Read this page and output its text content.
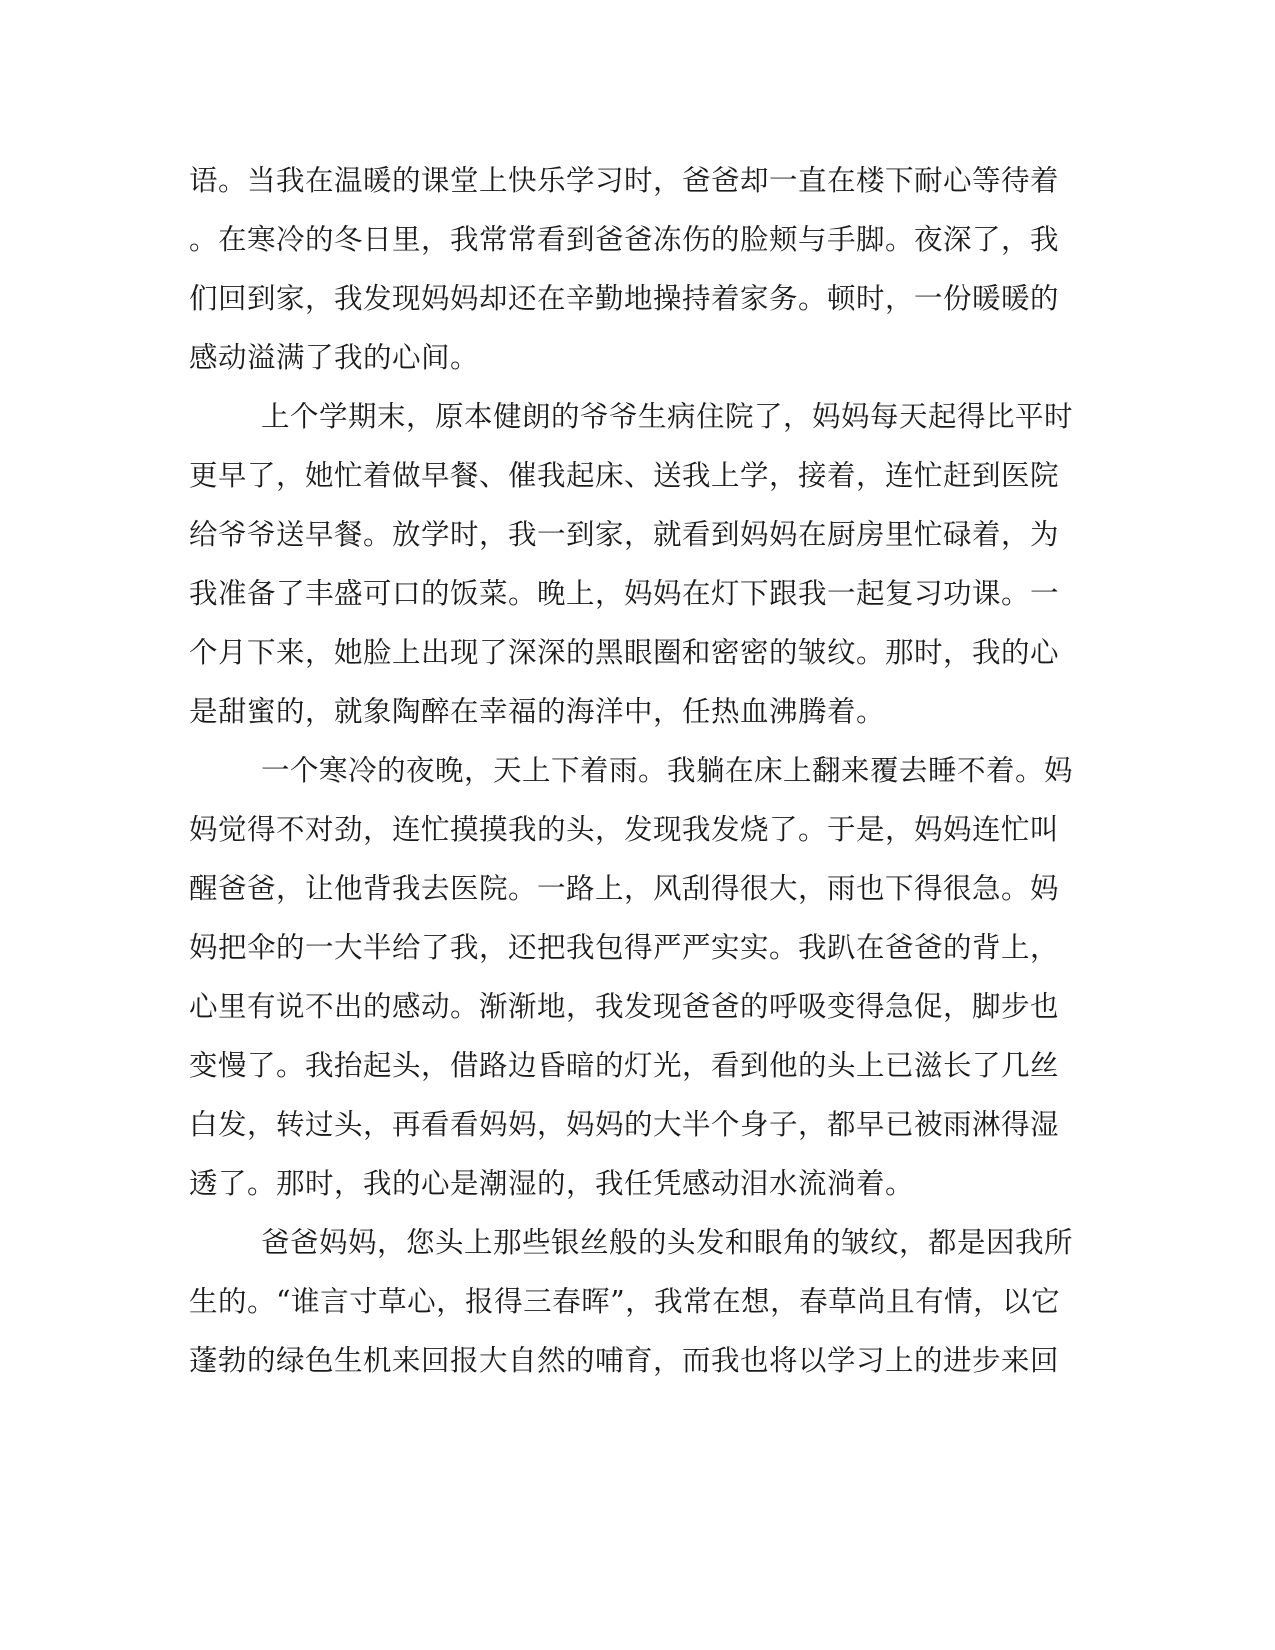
语。当我在温暖的课堂上快乐学习时，爸爸却一直在楼下耐心等待着
。在寒冷的冬日里，我常常看到爸爸冻伤的脸颊与手脚。夜深了，我
们回到家，我发现妈妈却还在辛勤地操持着家务。顿时，一份暖暖的
感动溢满了我的心间。
上个学期末，原本健朗的爷爷生病住院了，妈妈每天起得比平时
更早了，她忙着做早餐、催我起床、送我上学，接着，连忙赶到医院
给爷爷送早餐。放学时，我一到家，就看到妈妈在厨房里忙碌着，为
我准备了丰盛可口的饭菜。晚上，妈妈在灯下跟我一起复习功课。一
个月下来，她脸上出现了深深的黑眼圈和密密的皱纹。那时，我的心
是甜蜜的，就象陶醉在幸福的海洋中，任热血沸腾着。
一个寒冷的夜晚，天上下着雨。我躺在床上翻来覆去睡不着。妈
妈觉得不对劲，连忙摸摸我的头，发现我发烧了。于是，妈妈连忙叫
醒爸爸，让他背我去医院。一路上，风刮得很大，雨也下得很急。妈
妈把伞的一大半给了我，还把我包得严严实实。我趴在爸爸的背上，
心里有说不出的感动。渐渐地，我发现爸爸的呼吸变得急促，脚步也
变慢了。我抬起头，借路边昏暗的灯光，看到他的头上已滋长了几丝
白发，转过头，再看看妈妈，妈妈的大半个身子，都早已被雨淋得湿
透了。那时，我的心是潮湿的，我任凭感动泪水流淌着。
爸爸妈妈，您头上那些银丝般的头发和眼角的皱纹，都是因我所
生的。“谁言寸草心，报得三春晖”，我常在想，春草尚且有情，以它
蓬勃的绿色生机来回报大自然的哺育，而我也将以学习上的进步来回
